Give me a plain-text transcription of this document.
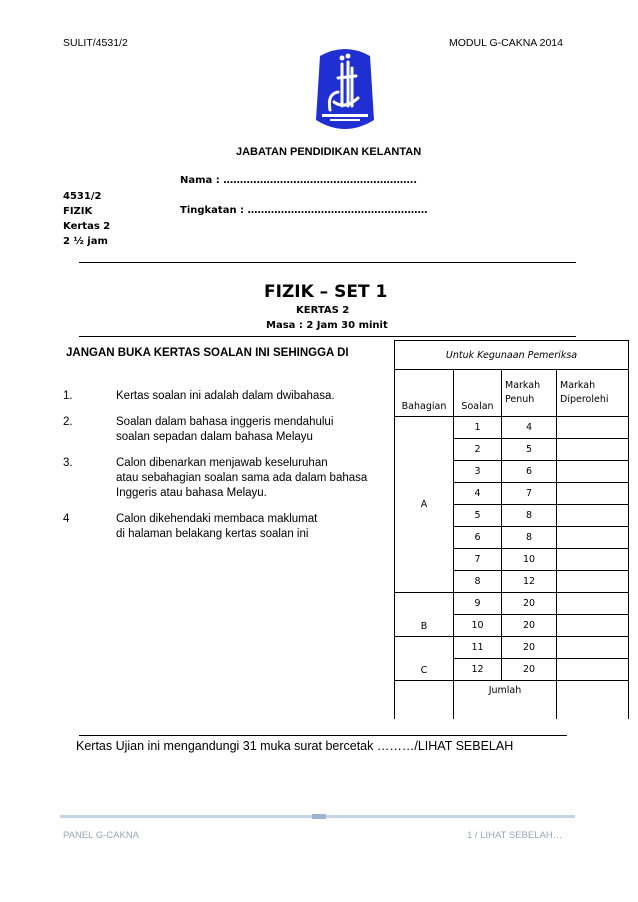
SULIT/4531/2	MODUL G-CAKNA 2014
JABATAN PENDIDIKAN KELANTAN
Nama : ………………………………………………….
Tingkatan : ………………………………………………
4531/2
FIZIK
Kertas 2
2 ½ jam
FIZIK – SET 1
KERTAS 2
Masa : 2 Jam 30 minit
JANGAN BUKA KERTAS SOALAN INI SEHINGGA DI
1.	Kertas soalan ini adalah dalam dwibahasa.
2.	Soalan dalam bahasa inggeris mendahului
soalan sepadan dalam bahasa Melayu
3.	Calon dibenarkan menjawab keseluruhan
atau sebahagian soalan sama ada dalam bahasa
Inggeris atau bahasa Melayu.
4	Calon dikehendaki membaca maklumat
di halaman belakang kertas soalan ini
Untuk Kegunaan Pemeriksa			
Bahagian	Soalan	Markah Penuh	Markah Diperolehi
A	1	4	
	2	5	
	3	6	
	4	7	
	5	8	
	6	8	
	7	10	
	8	12	
B	9	20	
	10	20	
C	11	20	
	12	20	
	Jumlah		
Kertas Ujian ini mengandungi 31 muka surat bercetak ………/LIHAT SEBELAH
PANEL G-CAKNA	1 / LIHAT SEBELAH…
